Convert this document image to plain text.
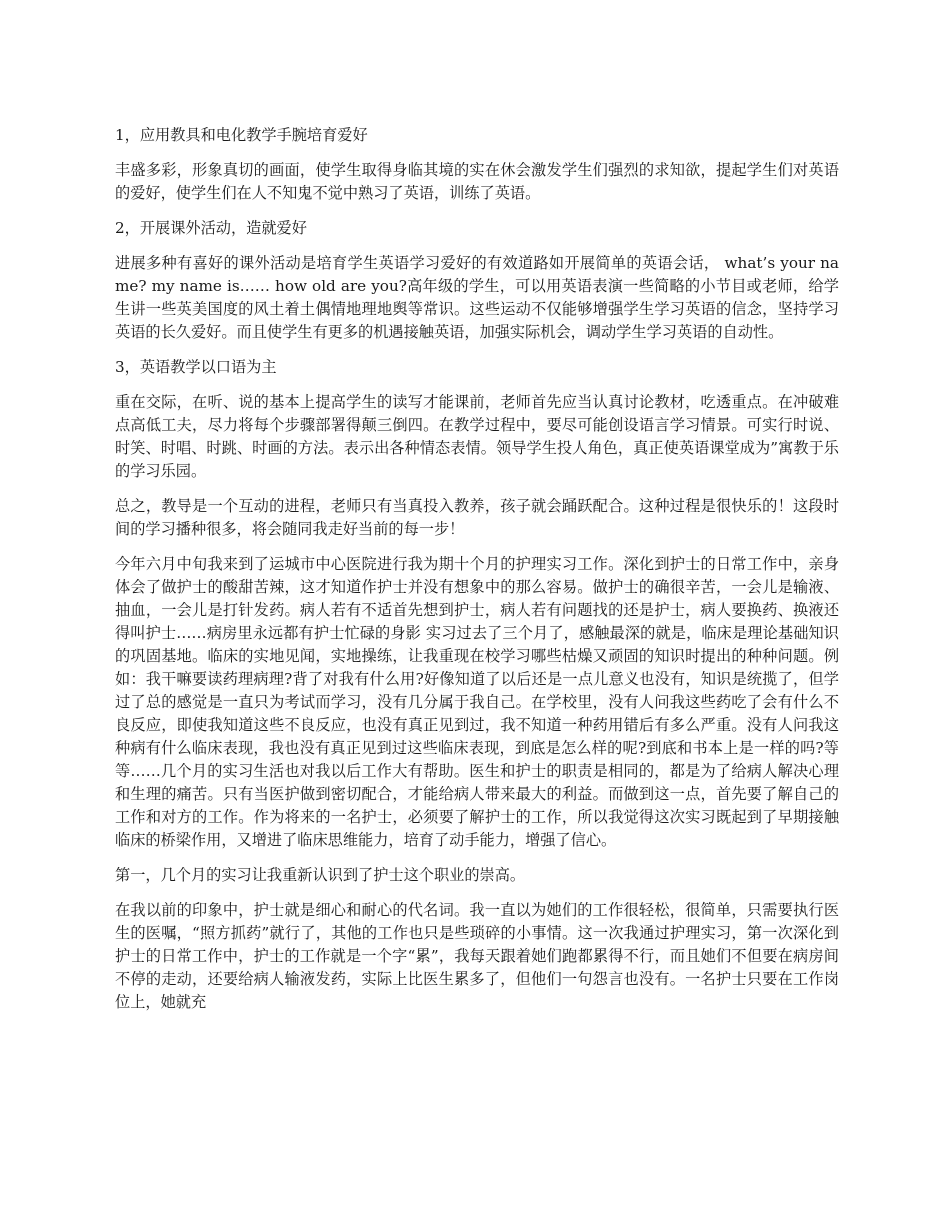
1，应用教具和电化教学手腕培育爱好

丰盛多彩，形象真切的画面，使学生取得身临其境的实在休会激发学生们强烈的求知欲，提起学生们对英语的爱好，使学生们在人不知鬼不觉中熟习了英语，训练了英语。

2，开展课外活动，造就爱好

进展多种有喜好的课外活动是培育学生英语学习爱好的有效道路如开展简单的英语会话， what’s your name? my name is…… how old are you?高年级的学生，可以用英语表演一些简略的小节目或老师，给学生讲一些英美国度的风土着土偶情地理地舆等常识。这些运动不仅能够增强学生学习英语的信念，坚持学习英语的长久爱好。而且使学生有更多的机遇接触英语，加强实际机会，调动学生学习英语的自动性。

3，英语教学以口语为主

重在交际，在听、说的基本上提高学生的读写才能课前，老师首先应当认真讨论教材，吃透重点。在冲破难点高低工夫，尽力将每个步骤部署得颠三倒四。在教学过程中，要尽可能创设语言学习情景。可实行时说、时笑、时唱、时跳、时画的方法。表示出各种情态表情。领导学生投人角色，真正使英语课堂成为”寓教于乐的学习乐园。

总之，教导是一个互动的进程，老师只有当真投入教养，孩子就会踊跃配合。这种过程是很快乐的！这段时间的学习播种很多，将会随同我走好当前的每一步！

今年六月中旬我来到了运城市中心医院进行我为期十个月的护理实习工作。深化到护士的日常工作中，亲身体会了做护士的酸甜苦辣，这才知道作护士并没有想象中的那么容易。做护士的确很辛苦，一会儿是输液、抽血，一会儿是打针发药。病人若有不适首先想到护士，病人若有问题找的还是护士，病人要换药、换液还得叫护士……病房里永远都有护士忙碌的身影 实习过去了三个月了，感触最深的就是，临床是理论基础知识的巩固基地。临床的实地见闻，实地操练，让我重现在校学习哪些枯燥又顽固的知识时提出的种种问题。例如：我干嘛要读药理病理?背了对我有什么用?好像知道了以后还是一点儿意义也没有，知识是统揽了，但学过了总的感觉是一直只为考试而学习，没有几分属于我自己。在学校里，没有人问我这些药吃了会有什么不良反应，即使我知道这些不良反应，也没有真正见到过，我不知道一种药用错后有多么严重。没有人问我这种病有什么临床表现，我也没有真正见到过这些临床表现，到底是怎么样的呢?到底和书本上是一样的吗?等等……几个月的实习生活也对我以后工作大有帮助。医生和护士的职责是相同的，都是为了给病人解决心理和生理的痛苦。只有当医护做到密切配合，才能给病人带来最大的利益。而做到这一点，首先要了解自己的工作和对方的工作。作为将来的一名护士，必须要了解护士的工作，所以我觉得这次实习既起到了早期接触临床的桥梁作用，又增进了临床思维能力，培育了动手能力，增强了信心。

第一，几个月的实习让我重新认识到了护士这个职业的崇高。

在我以前的印象中，护士就是细心和耐心的代名词。我一直以为她们的工作很轻松，很简单，只需要执行医生的医嘱，“照方抓药”就行了，其他的工作也只是些琐碎的小事情。这一次我通过护理实习，第一次深化到护士的日常工作中，护士的工作就是一个字“累”，我每天跟着她们跑都累得不行，而且她们不但要在病房间不停的走动，还要给病人输液发药，实际上比医生累多了，但他们一句怨言也没有。一名护士只要在工作岗位上，她就充
